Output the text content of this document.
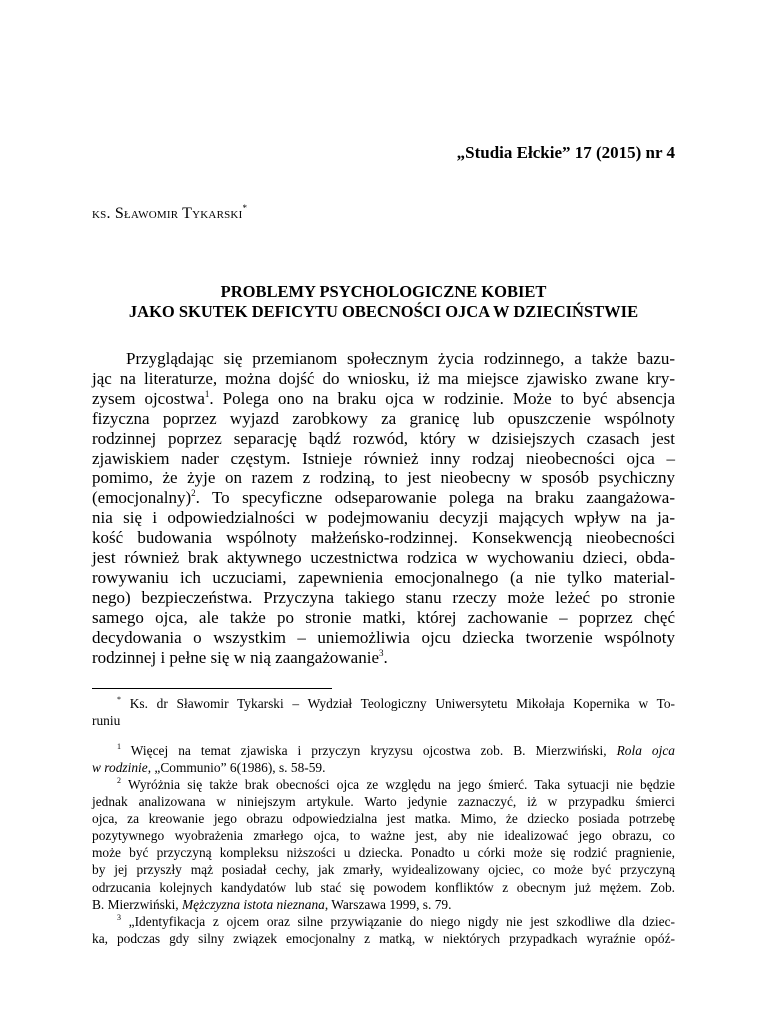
„Studia Ełckie” 17 (2015) nr 4
ks. Sławomir Tykarski*
PROBLEMY PSYCHOLOGICZNE KOBIET
JAKO SKUTEK DEFICYTU OBECNOŚCI OJCA W DZIECIŃSTWIE
Przyglądając się przemianom społecznym życia rodzinnego, a także bazu-
jąc na literaturze, można dojść do wniosku, iż ma miejsce zjawisko zwane kry-
zysem ojcostwa$^1$. Polega ono na braku ojca w rodzinie. Może to być absencja
fizyczna poprzez wyjazd zarobkowy za granicę lub opuszczenie wspólnoty
rodzinnej poprzez separację bądź rozwód, który w dzisiejszych czasach jest
zjawiskiem nader częstym. Istnieje również inny rodzaj nieobecności ojca –
pomimo, że żyje on razem z rodziną, to jest nieobecny w sposób psychiczny
(emocjonalny)$^2$. To specyficzne odseparowanie polega na braku zaangażowa-
nia się i odpowiedzialności w podejmowaniu decyzji mających wpływ na ja-
kość budowania wspólnoty małżeńsko-rodzinnej. Konsekwencją nieobecności
jest również brak aktywnego uczestnictwa rodzica w wychowaniu dzieci, obda-
rowywaniu ich uczuciami, zapewnienia emocjonalnego (a nie tylko material-
nego) bezpieczeństwa. Przyczyna takiego stanu rzeczy może leżeć po stronie
samego ojca, ale także po stronie matki, której zachowanie – poprzez chęć
decydowania o wszystkim – uniemożliwia ojcu dziecka tworzenie wspólnoty
rodzinnej i pełne się w nią zaangażowanie$^3$.
* Ks. dr Sławomir Tykarski – Wydział Teologiczny Uniwersytetu Mikołaja Kopernika w To-
runiu
$^1$ Więcej na temat zjawiska i przyczyn kryzysu ojcostwa zob. B. Mierzwiński, Rola ojca
w rodzinie, „Communio” 6(1986), s. 58-59.
$^2$ Wyróżnia się także brak obecności ojca ze względu na jego śmierć. Taka sytuacji nie będzie
jednak analizowana w niniejszym artykule. Warto jedynie zaznaczyć, iż w przypadku śmierci
ojca, za kreowanie jego obrazu odpowiedzialna jest matka. Mimo, że dziecko posiada potrzebę
pozytywnego wyobrażenia zmarłego ojca, to ważne jest, aby nie idealizować jego obrazu, co
może być przyczyną kompleksu niższości u dziecka. Ponadto u córki może się rodzić pragnienie,
by jej przyszły mąż posiadał cechy, jak zmarły, wyidealizowany ojciec, co może być przyczyną
odrzucania kolejnych kandydatów lub stać się powodem konfliktów z obecnym już mężem. Zob.
B. Mierzwiński, Mężczyzna istota nieznana, Warszawa 1999, s. 79.
$^3$ „Identyfikacja z ojcem oraz silne przywiązanie do niego nigdy nie jest szkodliwe dla dziec-
ka, podczas gdy silny związek emocjonalny z matką, w niektórych przypadkach wyraźnie opóź-
